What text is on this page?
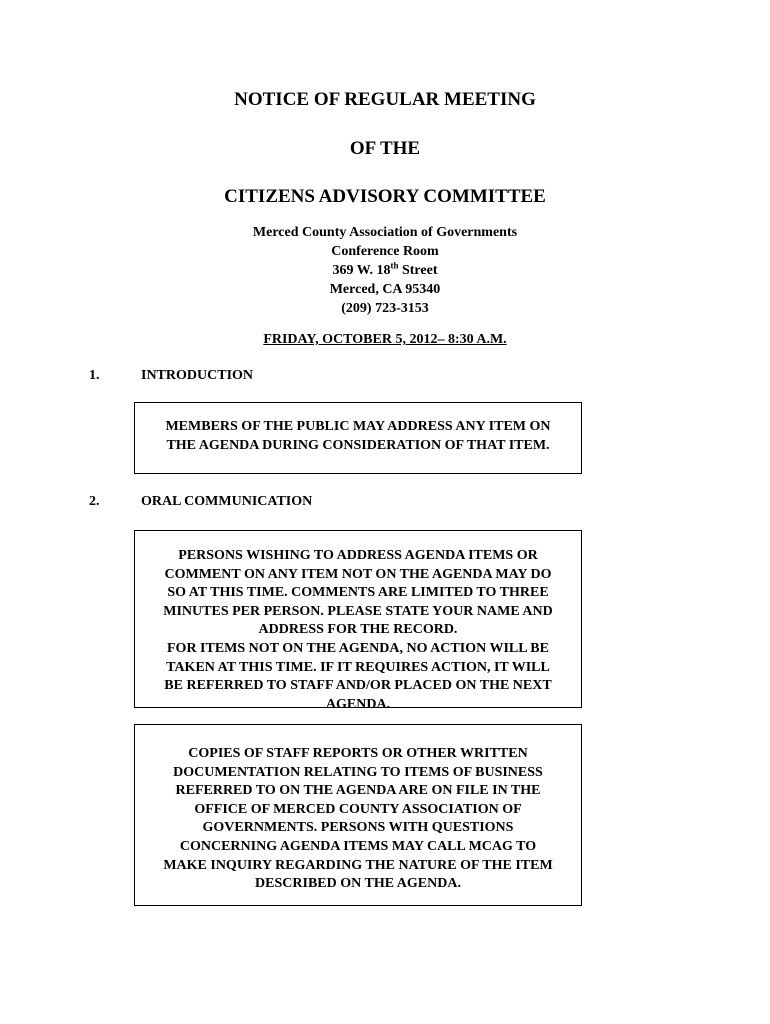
NOTICE OF REGULAR MEETING
OF THE
CITIZENS ADVISORY COMMITTEE
Merced County Association of Governments
Conference Room
369 W. 18th Street
Merced, CA 95340
(209) 723-3153
FRIDAY, OCTOBER 5, 2012– 8:30 A.M.
1.	INTRODUCTION
MEMBERS OF THE PUBLIC MAY ADDRESS ANY ITEM ON
THE AGENDA DURING CONSIDERATION OF THAT ITEM.
2.	ORAL COMMUNICATION
PERSONS WISHING TO ADDRESS AGENDA ITEMS OR
COMMENT ON ANY ITEM NOT ON THE AGENDA MAY DO
SO AT THIS TIME. COMMENTS ARE LIMITED TO THREE
MINUTES PER PERSON. PLEASE STATE YOUR NAME AND
ADDRESS FOR THE RECORD.
FOR ITEMS NOT ON THE AGENDA, NO ACTION WILL BE
TAKEN AT THIS TIME. IF IT REQUIRES ACTION, IT WILL
BE REFERRED TO STAFF AND/OR PLACED ON THE NEXT
AGENDA.
COPIES OF STAFF REPORTS OR OTHER WRITTEN
DOCUMENTATION RELATING TO ITEMS OF BUSINESS
REFERRED TO ON THE AGENDA ARE ON FILE IN THE
OFFICE OF MERCED COUNTY ASSOCIATION OF
GOVERNMENTS. PERSONS WITH QUESTIONS
CONCERNING AGENDA ITEMS MAY CALL MCAG TO
MAKE INQUIRY REGARDING THE NATURE OF THE ITEM
DESCRIBED ON THE AGENDA.
